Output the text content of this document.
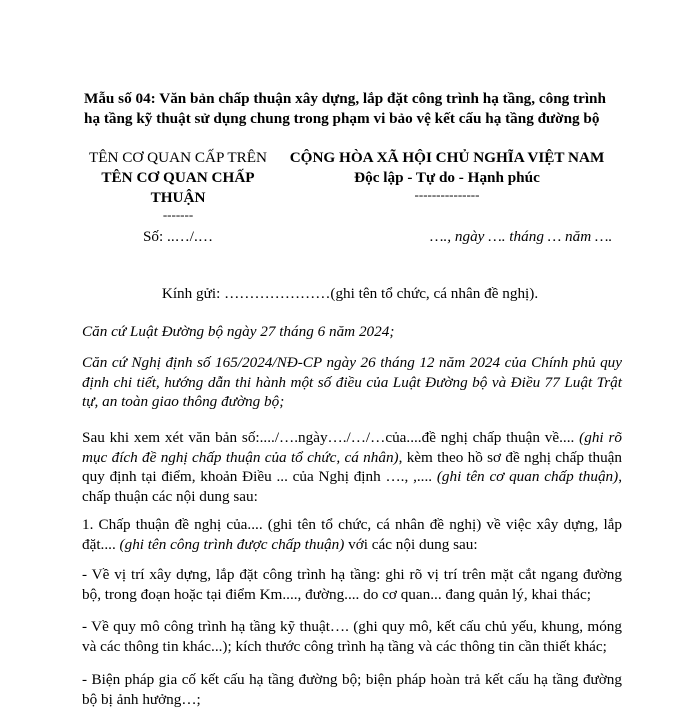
Mẫu số 04: Văn bản chấp thuận xây dựng, lắp đặt công trình hạ tầng, công trình hạ tầng kỹ thuật sử dụng chung trong phạm vi bảo vệ kết cấu hạ tầng đường bộ
TÊN CƠ QUAN CẤP TRÊN
TÊN CƠ QUAN CHẤP THUẬN
-------
CỘNG HÒA XÃ HỘI CHỦ NGHĨA VIỆT NAM
Độc lập - Tự do - Hạnh phúc
---------------
Số: ..…/.…	…., ngày …. tháng … năm ….
Kính gửi: …………………(ghi tên tổ chức, cá nhân đề nghị).
Căn cứ Luật Đường bộ ngày 27 tháng 6 năm 2024;
Căn cứ Nghị định số 165/2024/NĐ-CP ngày 26 tháng 12 năm 2024 của Chính phủ quy định chi tiết, hướng dẫn thi hành một số điều của Luật Đường bộ và Điều 77 Luật Trật tự, an toàn giao thông đường bộ;
Sau khi xem xét văn bản số:..../….ngày…./…/…của....đề nghị chấp thuận về.... (ghi rõ mục đích đề nghị chấp thuận của tổ chức, cá nhân), kèm theo hồ sơ đề nghị chấp thuận quy định tại điểm, khoản Điều ... của Nghị định …., ,.... (ghi tên cơ quan chấp thuận), chấp thuận các nội dung sau:
1. Chấp thuận đề nghị của.... (ghi tên tổ chức, cá nhân đề nghị) về việc xây dựng, lắp đặt.... (ghi tên công trình được chấp thuận) với các nội dung sau:
- Về vị trí xây dựng, lắp đặt công trình hạ tầng: ghi rõ vị trí trên mặt cắt ngang đường bộ, trong đoạn hoặc tại điểm Km...., đường.... do cơ quan... đang quản lý, khai thác;
- Về quy mô công trình hạ tầng kỹ thuật…. (ghi quy mô, kết cấu chủ yếu, khung, móng và các thông tin khác...); kích thước công trình hạ tầng và các thông tin cần thiết khác;
- Biện pháp gia cố kết cấu hạ tầng đường bộ; biện pháp hoàn trả kết cấu hạ tầng đường bộ bị ảnh hưởng…;
